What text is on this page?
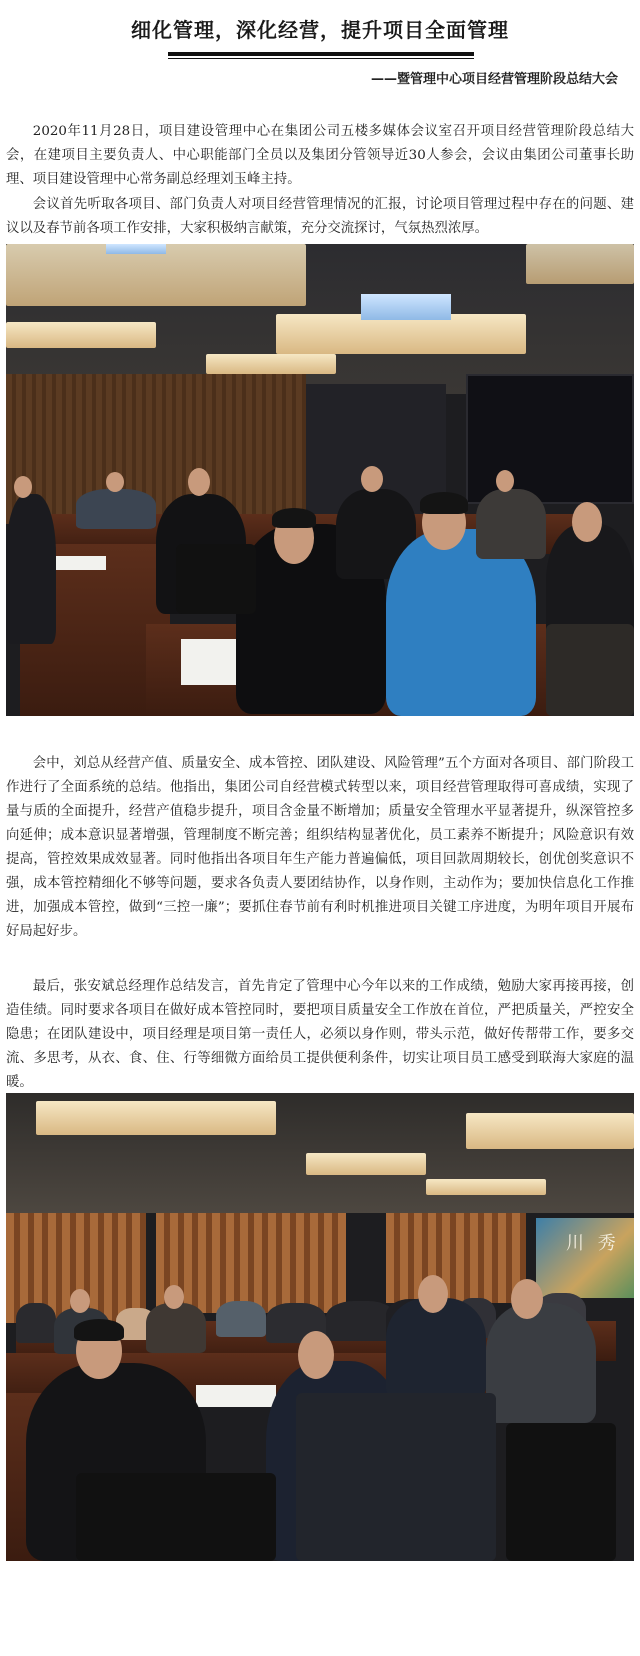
细化管理，深化经营，提升项目全面管理
——暨管理中心项目经营管理阶段总结大会

2020年11月28日，项目建设管理中心在集团公司五楼多媒体会议室召开项目经营管理阶段总结大会，在建项目主要负责人、中心职能部门全员以及集团分管领导近30人参会，会议由集团公司董事长助理、项目建设管理中心常务副总经理刘玉峰主持。

会议首先听取各项目、部门负责人对项目经营管理情况的汇报，讨论项目管理过程中存在的问题、建议以及春节前各项工作安排，大家积极纳言献策，充分交流探讨，气氛热烈浓厚。

会中，刘总从经营产值、质量安全、成本管控、团队建设、风险管理”五个方面对各项目、部门阶段工作进行了全面系统的总结。他指出，集团公司自经营模式转型以来，项目经营管理取得可喜成绩，实现了量与质的全面提升，经营产值稳步提升，项目含金量不断增加；质量安全管理水平显著提升，纵深管控多向延伸；成本意识显著增强，管理制度不断完善；组织结构显著优化，员工素养不断提升；风险意识有效提高，管控效果成效显著。同时他指出各项目年生产能力普遍偏低，项目回款周期较长，创优创奖意识不强，成本管控精细化不够等问题，要求各负责人要团结协作，以身作则，主动作为；要加快信息化工作推进，加强成本管控，做到“三控一廉”；要抓住春节前有利时机推进项目关键工序进度，为明年项目开展布好局起好步。

最后，张安斌总经理作总结发言，首先肯定了管理中心今年以来的工作成绩，勉励大家再接再接，创造佳绩。同时要求各项目在做好成本管控同时，要把项目质量安全工作放在首位，严把质量关，严控安全隐患；在团队建设中，项目经理是项目第一责任人，必须以身作则，带头示范，做好传帮带工作，要多交流、多思考，从衣、食、住、行等细微方面给员工提供便利条件，切实让项目员工感受到联海大家庭的温暖。

川 秀
